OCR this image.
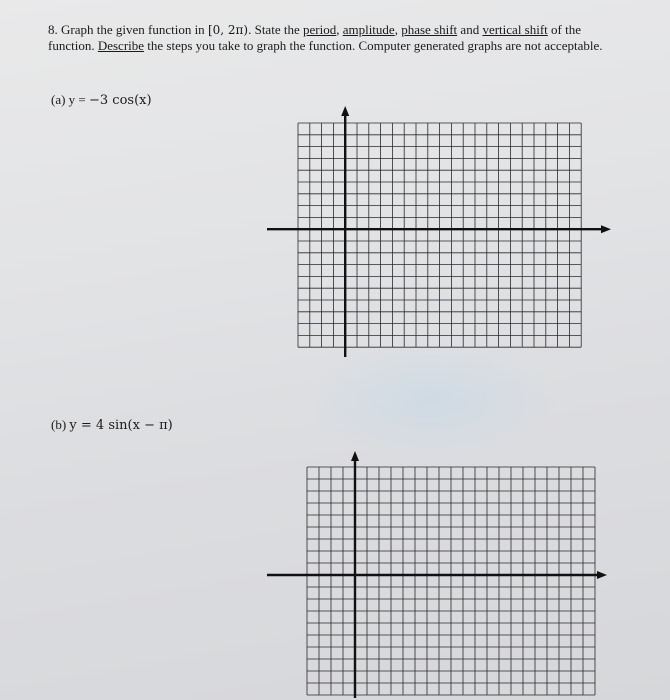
8. Graph the given function in [0, 2π). State the period, amplitude, phase shift and vertical shift of the function. Describe the steps you take to graph the function. Computer generated graphs are not acceptable.

(a) y = −3 cos(x)

(b) y = 4 sin(x − π)
